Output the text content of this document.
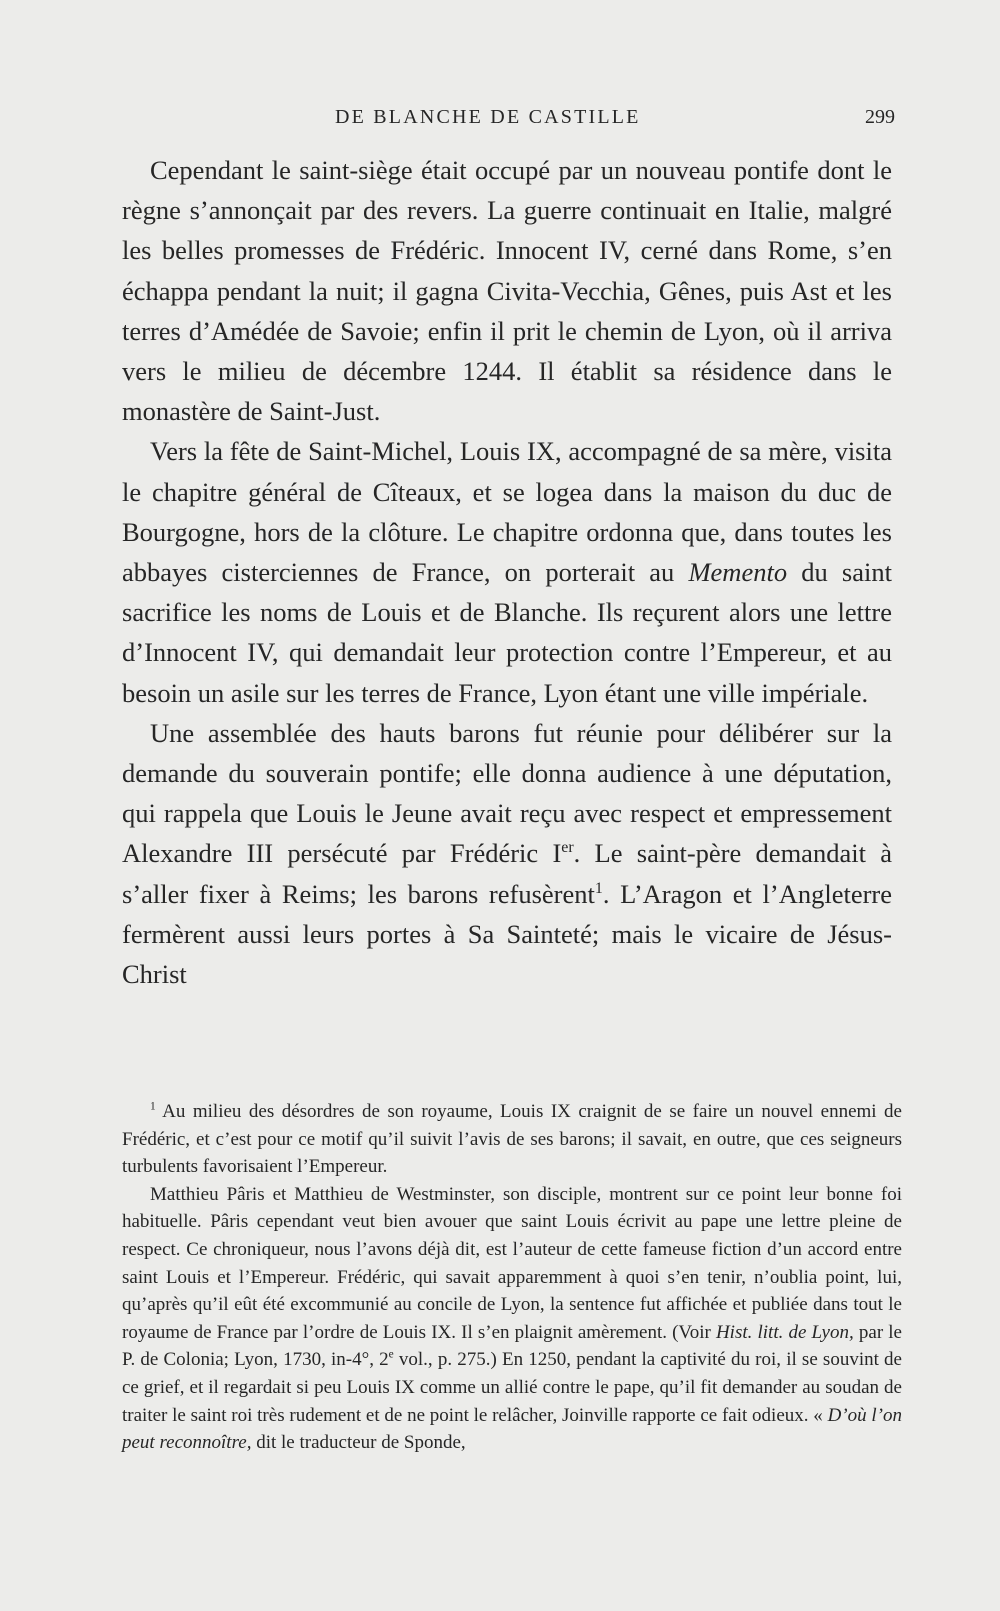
DE BLANCHE DE CASTILLE	299

Cependant le saint-siège était occupé par un nouveau pontife dont le règne s’annonçait par des revers. La guerre continuait en Italie, malgré les belles promesses de Frédéric. Innocent IV, cerné dans Rome, s’en échappa pendant la nuit; il gagna Civita-Vecchia, Gênes, puis Ast et les terres d’Amédée de Savoie; enfin il prit le chemin de Lyon, où il arriva vers le milieu de décembre 1244. Il établit sa résidence dans le monastère de Saint-Just.

Vers la fête de Saint-Michel, Louis IX, accompagné de sa mère, visita le chapitre général de Cîteaux, et se logea dans la maison du duc de Bourgogne, hors de la clôture. Le chapitre ordonna que, dans toutes les abbayes cisterciennes de France, on porterait au Memento du saint sacrifice les noms de Louis et de Blanche. Ils reçurent alors une lettre d’Innocent IV, qui demandait leur protection contre l’Empereur, et au besoin un asile sur les terres de France, Lyon étant une ville impériale.

Une assemblée des hauts barons fut réunie pour délibérer sur la demande du souverain pontife; elle donna audience à une députation, qui rappela que Louis le Jeune avait reçu avec respect et empressement Alexandre III persécuté par Frédéric Ier. Le saint-père demandait à s’aller fixer à Reims; les barons refusèrent$^1$. L’Aragon et l’Angleterre fermèrent aussi leurs portes à Sa Sainteté; mais le vicaire de Jésus-Christ

$^1$ Au milieu des désordres de son royaume, Louis IX craignit de se faire un nouvel ennemi de Frédéric, et c’est pour ce motif qu’il suivit l’avis de ses barons; il savait, en outre, que ces seigneurs turbulents favorisaient l’Empereur.

Matthieu Pâris et Matthieu de Westminster, son disciple, montrent sur ce point leur bonne foi habituelle. Pâris cependant veut bien avouer que saint Louis écrivit au pape une lettre pleine de respect. Ce chroniqueur, nous l’avons déjà dit, est l’auteur de cette fameuse fiction d’un accord entre saint Louis et l’Empereur. Frédéric, qui savait apparemment à quoi s’en tenir, n’oublia point, lui, qu’après qu’il eût été excommunié au concile de Lyon, la sentence fut affichée et publiée dans tout le royaume de France par l’ordre de Louis IX. Il s’en plaignit amèrement. (Voir Hist. litt. de Lyon, par le P. de Colonia; Lyon, 1730, in-4°, 2e vol., p. 275.) En 1250, pendant la captivité du roi, il se souvint de ce grief, et il regardait si peu Louis IX comme un allié contre le pape, qu’il fit demander au soudan de traiter le saint roi très rudement et de ne point le relâcher, Joinville rapporte ce fait odieux. « D’où l’on peut reconnoître, dit le traducteur de Sponde,
